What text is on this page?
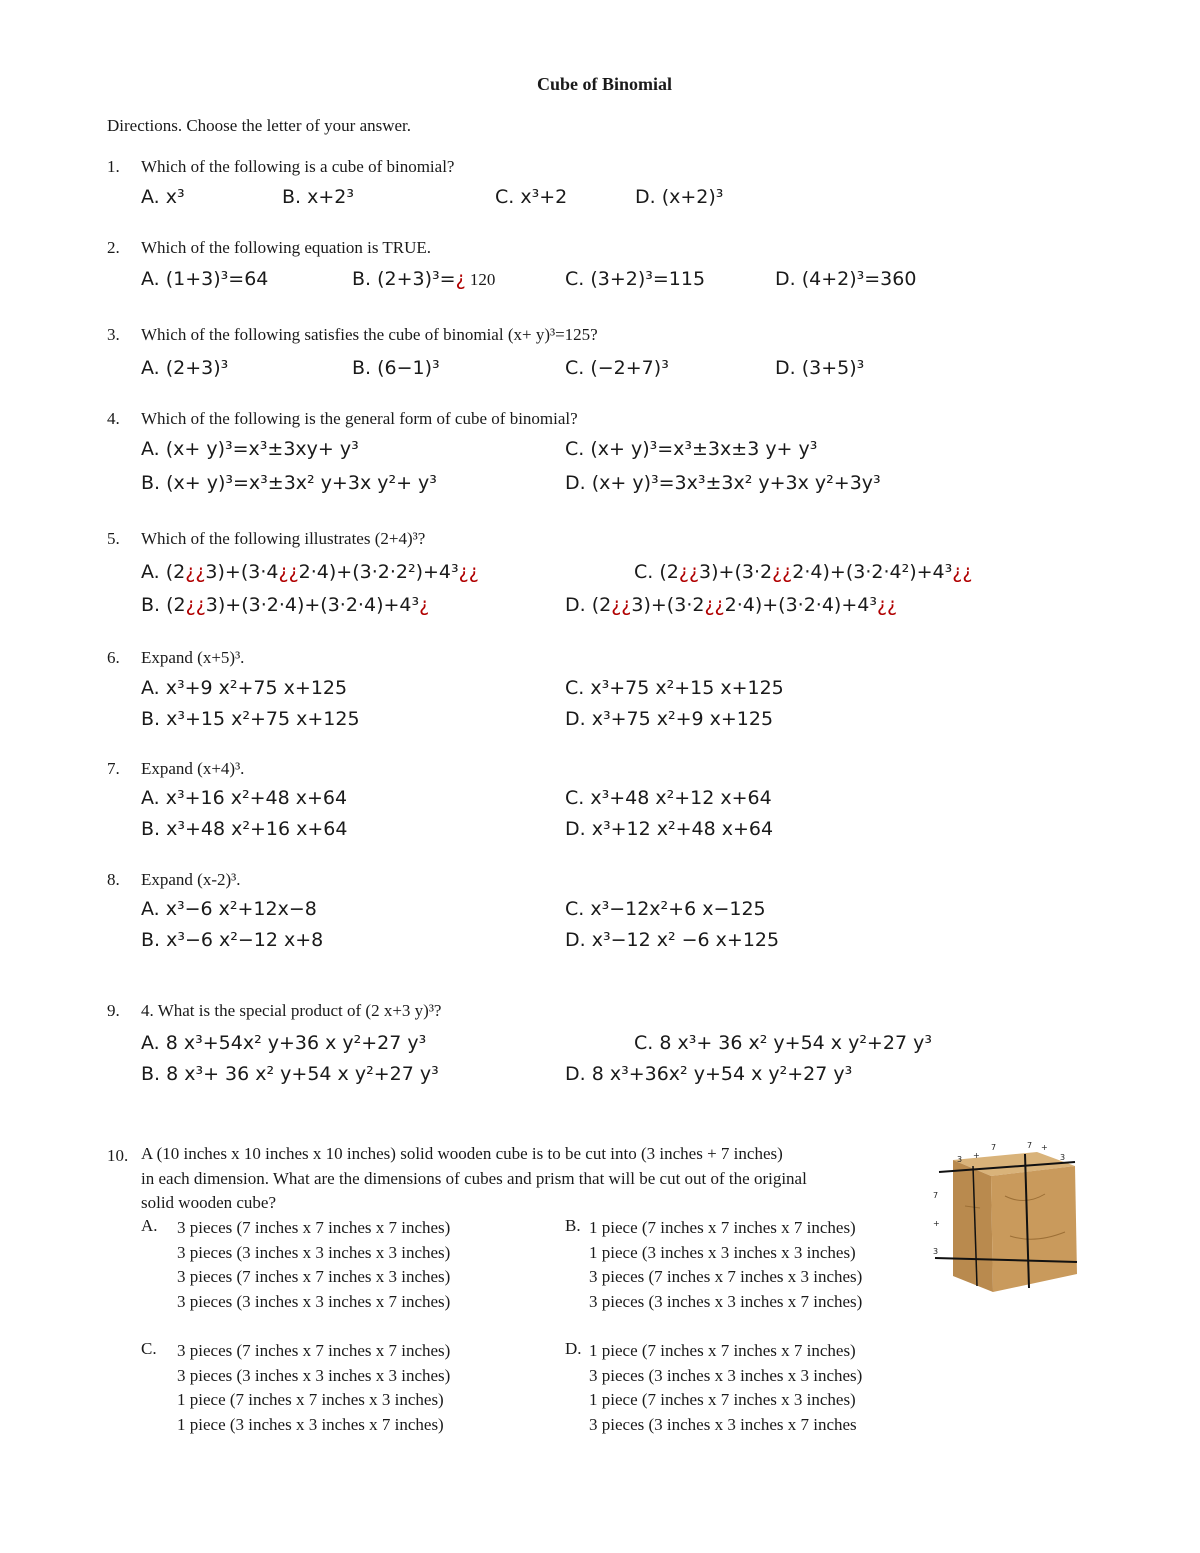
Cube of Binomial
Directions. Choose the letter of your answer.
1. Which of the following is a cube of binomial?
A. x³	B. x+2³	C. x³+2	D. (x+2)³
2. Which of the following equation is TRUE.
A. (1+3)³=64	B. (2+3)³=¿ 120	C. (3+2)³=115	D. (4+2)³=360
3. Which of the following satisfies the cube of binomial (x+ y)³=125?
A. (2+3)³	B. (6−1)³	C. (−2+7)³	D. (3+5)³
4. Which of the following is the general form of cube of binomial?
A. (x+ y)³=x³±3xy+ y³	C. (x+ y)³=x³±3x±3 y+ y³
B. (x+ y)³=x³±3x² y+3x y²+ y³	D. (x+ y)³=3x³±3x² y+3x y²+3y³
5. Which of the following illustrates (2+4)³?
A. (2¿¿3)+(3·4¿¿2·4)+(3·2·2²)+4³¿¿	C. (2¿¿3)+(3·2¿¿2·4)+(3·2·4²)+4³¿¿
B. (2¿¿3)+(3·2·4)+(3·2·4)+4³¿	D. (2¿¿3)+(3·2¿¿2·4)+(3·2·4)+4³¿¿
6. Expand (x+5)³.
A. x³+9 x²+75 x+125	C. x³+75 x²+15 x+125
B. x³+15 x²+75 x+125	D. x³+75 x²+9 x+125
7. Expand (x+4)³.
A. x³+16 x²+48 x+64	C. x³+48 x²+12 x+64
B. x³+48 x²+16 x+64	D. x³+12 x²+48 x+64
8. Expand (x-2)³.
A. x³−6 x²+12x−8	C. x³−12x²+6 x−125
B. x³−6 x²−12 x+8	D. x³−12 x² −6 x+125
9. 4. What is the special product of (2 x+3 y)³?
A. 8 x³+54x² y+36 x y²+27 y³	C. 8 x³+ 36 x² y+54 x y²+27 y³
B. 8 x³+ 36 x² y+54 x y²+27 y³	D. 8 x³+36x² y+54 x y²+27 y³
10. A (10 inches x 10 inches x 10 inches) solid wooden cube is to be cut into (3 inches + 7 inches)
in each dimension. What are the dimensions of cubes and prism that will be cut out of the original
solid wooden cube?
A. 3 pieces (7 inches x 7 inches x 7 inches)
3 pieces (3 inches x 3 inches x 3 inches)
3 pieces (7 inches x 7 inches x 3 inches)
3 pieces (3 inches x 3 inches x 7 inches)
B. 1 piece (7 inches x 7 inches x 7 inches)
1 piece (3 inches x 3 inches x 3 inches)
3 pieces (7 inches x 7 inches x 3 inches)
3 pieces (3 inches x 3 inches x 7 inches)
C. 3 pieces (7 inches x 7 inches x 7 inches)
3 pieces (3 inches x 3 inches x 3 inches)
1 piece (7 inches x 7 inches x 3 inches)
1 piece (3 inches x 3 inches x 7 inches)
D. 1 piece (7 inches x 7 inches x 7 inches)
3 pieces (3 inches x 3 inches x 3 inches)
1 piece (7 inches x 7 inches x 3 inches)
3 pieces (3 inches x 3 inches x 7 inches
3 +
7	7 +
3
7
+
3
